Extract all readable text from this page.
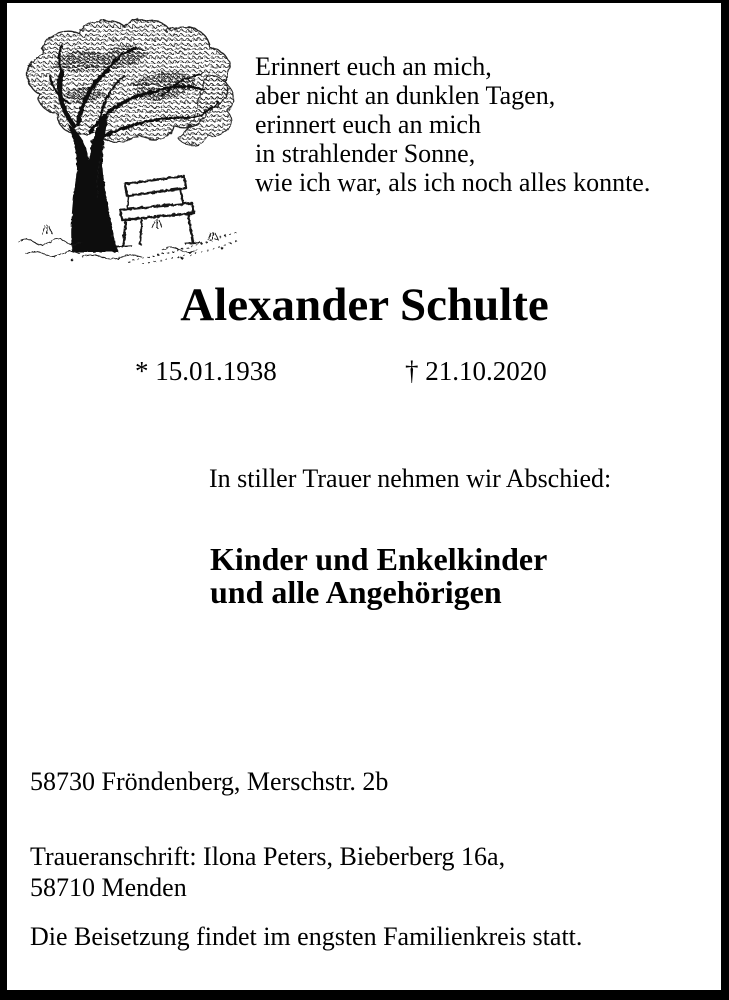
Erinnert euch an mich,
aber nicht an dunklen Tagen,
erinnert euch an mich
in strahlender Sonne,
wie ich war, als ich noch alles konnte.
Alexander Schulte
* 15.01.1938	† 21.10.2020
In stiller Trauer nehmen wir Abschied:
Kinder und Enkelkinder
und alle Angehörigen
58730 Fröndenberg, Merschstr. 2b
Traueranschrift: Ilona Peters, Bieberberg 16a,
58710 Menden
Die Beisetzung findet im engsten Familienkreis statt.
